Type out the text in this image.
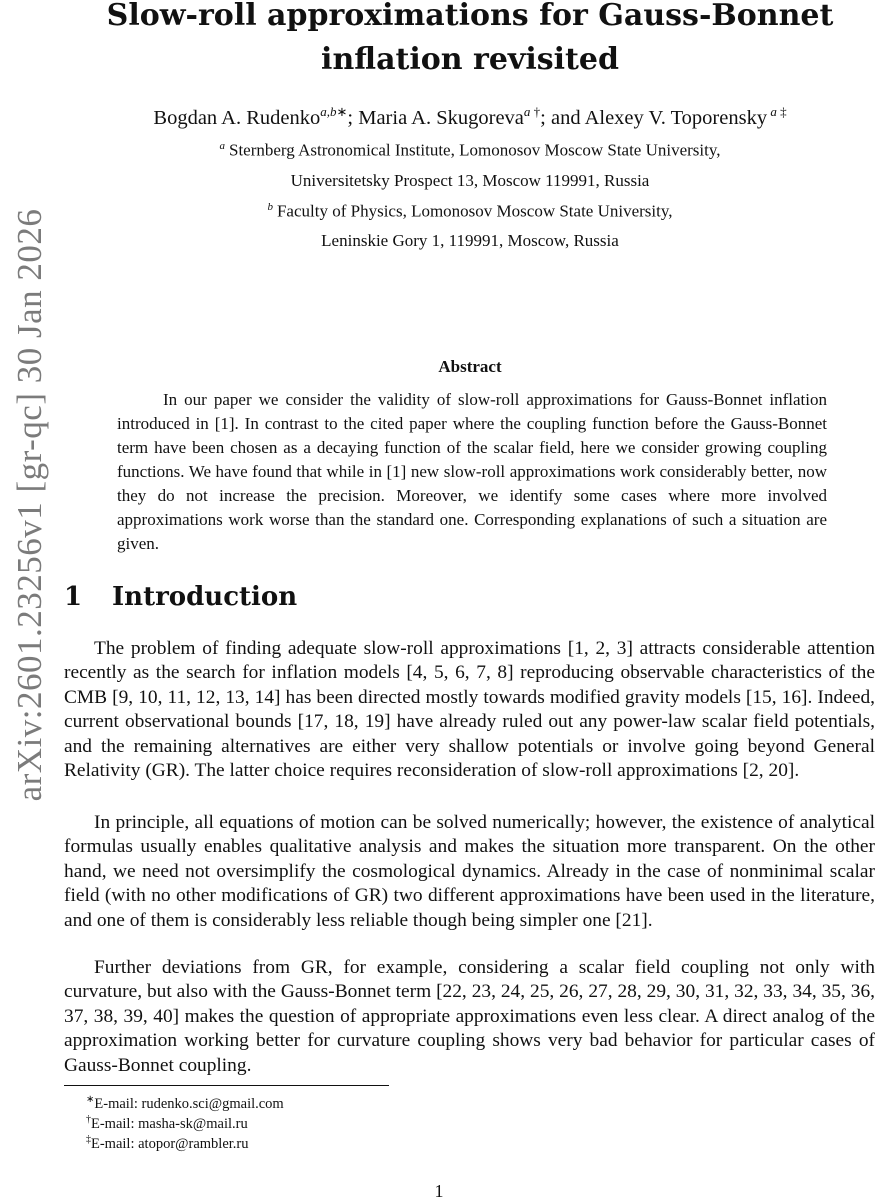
arXiv:2601.23256v1 [gr-qc] 30 Jan 2026
Slow-roll approximations for Gauss-Bonnet
inflation revisited
Bogdan A. Rudenko$^{a,b∗}$; Maria A. Skugoreva$^a$ †; and Alexey V. Toporensky $^a$ ‡
$^a$ Sternberg Astronomical Institute, Lomonosov Moscow State University,
Universitetsky Prospect 13, Moscow 119991, Russia
$^b$ Faculty of Physics, Lomonosov Moscow State University,
Leninskie Gory 1, 119991, Moscow, Russia
Abstract

In our paper we consider the validity of slow-roll approximations for Gauss-Bonnet inflation introduced in [1]. In contrast to the cited paper where the coupling function before the Gauss-Bonnet term have been chosen as a decaying function of the scalar field, here we consider growing coupling functions. We have found that while in [1] new slow-roll approximations work considerably better, now they do not increase the precision. Moreover, we identify some cases where more involved approximations work worse than the standard one. Corresponding explanations of such a situation are given.

1 Introduction

The problem of finding adequate slow-roll approximations [1, 2, 3] attracts considerable attention recently as the search for inflation models [4, 5, 6, 7, 8] reproducing observable characteristics of the CMB [9, 10, 11, 12, 13, 14] has been directed mostly towards modified gravity models [15, 16]. Indeed, current observational bounds [17, 18, 19] have already ruled out any power-law scalar field potentials, and the remaining alternatives are either very shallow potentials or involve going beyond General Relativity (GR). The latter choice requires reconsideration of slow-roll approximations [2, 20].

In principle, all equations of motion can be solved numerically; however, the existence of analytical formulas usually enables qualitative analysis and makes the situation more transparent. On the other hand, we need not oversimplify the cosmological dynamics. Already in the case of nonminimal scalar field (with no other modifications of GR) two different approximations have been used in the literature, and one of them is considerably less reliable though being simpler one [21].

Further deviations from GR, for example, considering a scalar field coupling not only with curvature, but also with the Gauss-Bonnet term [22, 23, 24, 25, 26, 27, 28, 29, 30, 31, 32, 33, 34, 35, 36, 37, 38, 39, 40] makes the question of appropriate approximations even less clear. A direct analog of the approximation working better for curvature coupling shows very bad behavior for particular cases of Gauss-Bonnet coupling.

∗E-mail: rudenko.sci@gmail.com
†E-mail: masha-sk@mail.ru
‡E-mail: atopor@rambler.ru
1
